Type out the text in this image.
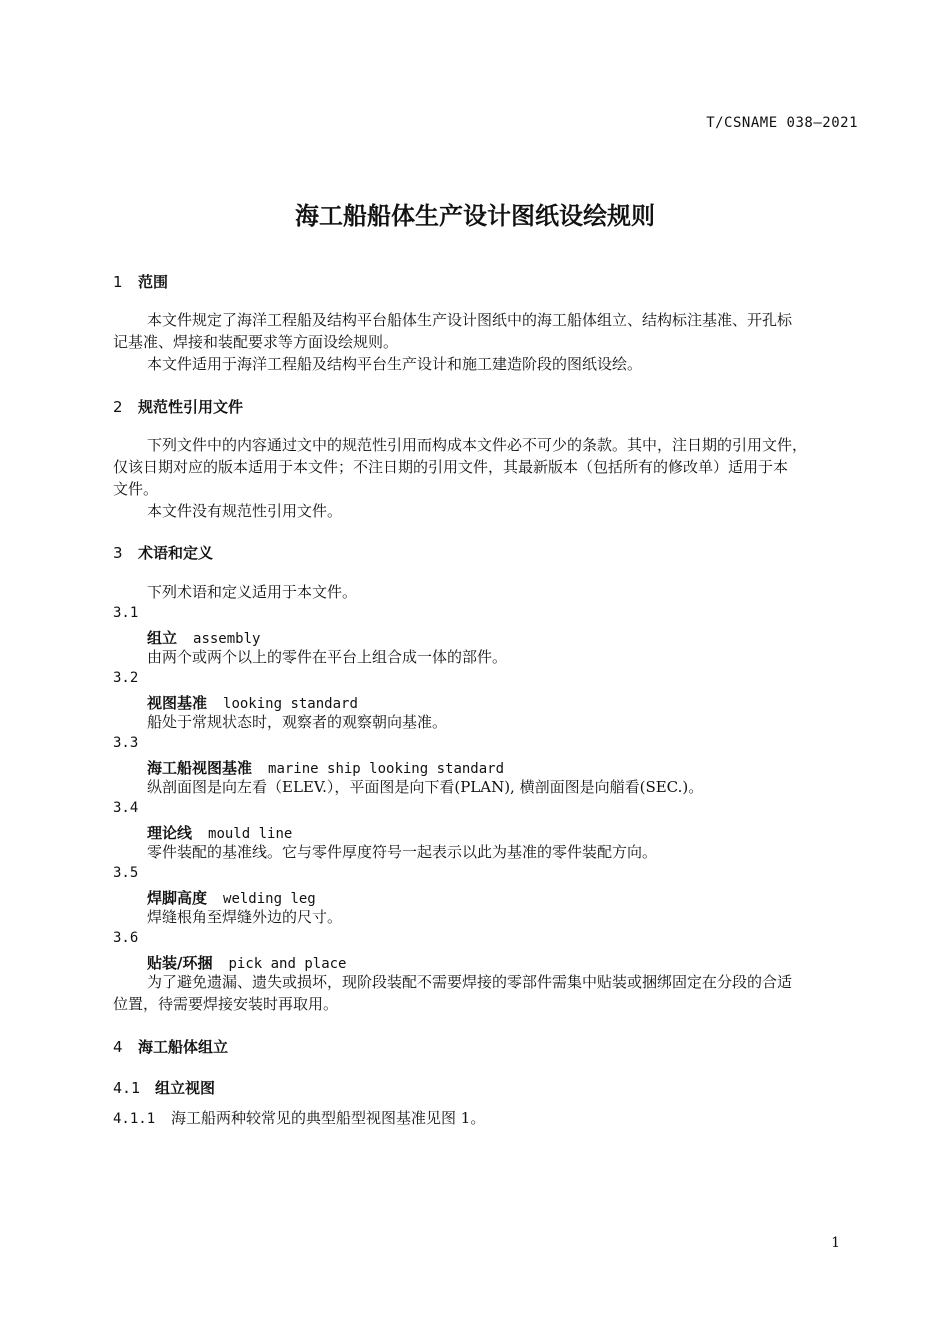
T/CSNAME 038—2021
海工船船体生产设计图纸设绘规则
1 范围
本文件规定了海洋工程船及结构平台船体生产设计图纸中的海工船体组立、结构标注基准、开孔标
记基准、焊接和装配要求等方面设绘规则。
本文件适用于海洋工程船及结构平台生产设计和施工建造阶段的图纸设绘。
2 规范性引用文件
下列文件中的内容通过文中的规范性引用而构成本文件必不可少的条款。其中，注日期的引用文件，
仅该日期对应的版本适用于本文件；不注日期的引用文件，其最新版本（包括所有的修改单）适用于本
文件。
本文件没有规范性引用文件。
3 术语和定义
下列术语和定义适用于本文件。
3.1
组立 assembly
由两个或两个以上的零件在平台上组合成一体的部件。
3.2
视图基准 looking standard
船处于常规状态时，观察者的观察朝向基准。
3.3
海工船视图基准 marine ship looking standard
纵剖面图是向左看（ELEV.），平面图是向下看(PLAN), 横剖面图是向艏看(SEC.)。
3.4
理论线 mould line
零件装配的基准线。它与零件厚度符号一起表示以此为基准的零件装配方向。
3.5
焊脚高度 welding leg
焊缝根角至焊缝外边的尺寸。
3.6
贴装/环捆 pick and place
为了避免遗漏、遗失或损坏，现阶段装配不需要焊接的零部件需集中贴装或捆绑固定在分段的合适
位置，待需要焊接安装时再取用。
4 海工船体组立
4.1 组立视图
4.1.1 海工船两种较常见的典型船型视图基准见图 1。
1
